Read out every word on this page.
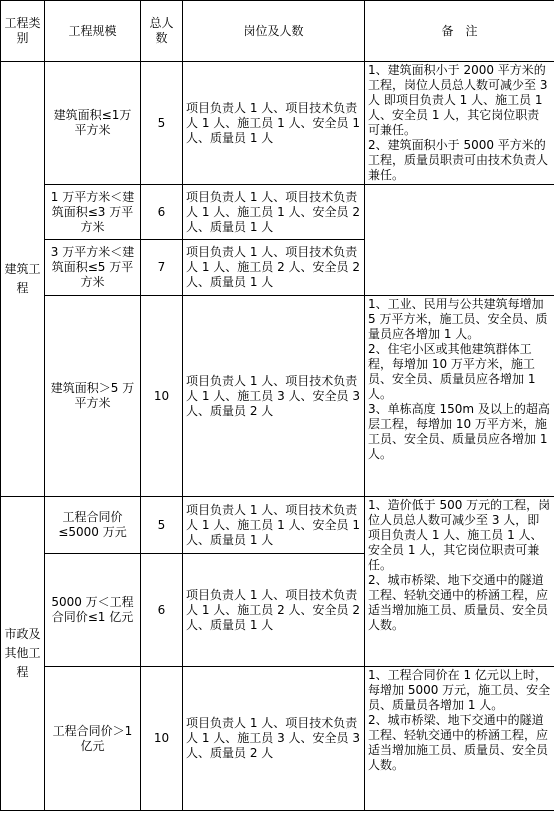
工程类别	工程规模	总人数	岗位及人数	备　注
建筑工程	建筑面积≤1万平方米	5	项目负责人 1 人、项目技术负责人 1 人、施工员 1 人、安全员 1 人、质量员 1 人	1、建筑面积小于 2000 平方米的工程，岗位人员总人数可减少至 3 人 即项目负责人 1 人、施工员 1 人、安全员 1 人，其它岗位职责可兼任。

2、建筑面积小于 5000 平方米的工程，质量员职责可由技术负责人兼任。

	1 万平方米＜建筑面积≤3 万平方米	6	项目负责人 1 人、项目技术负责人 1 人、施工员 1 人、安全员 2 人、质量员 1 人	
	3 万平方米＜建筑面积≤5 万平方米	7	项目负责人 1 人、项目技术负责人 1 人、施工员 2 人、安全员 2 人、质量员 1 人	
	建筑面积＞5 万平方米	10	项目负责人 1 人、项目技术负责人 1 人、施工员 3 人、安全员 3 人、质量员 2 人	1、工业、民用与公共建筑每增加 5 万平方米，施工员、安全员、质量员应各增加 1 人。

2、住宅小区或其他建筑群体工程，每增加 10 万平方米，施工员、安全员、质量员应各增加 1 人。

3、单栋高度 150m 及以上的超高层工程，每增加 10 万平方米，施工员、安全员、质量员应各增加 1 人。

市政及其他工程	工程合同价≤5000 万元	5	项目负责人 1 人、项目技术负责人 1 人、施工员 1 人、安全员 1 人、质量员 1 人	1、造价低于 500 万元的工程，岗位人员总人数可减少至 3 人，即项目负责人 1 人、施工员 1 人、安全员 1 人，其它岗位职责可兼任。

2、城市桥梁、地下交通中的隧道工程、轻轨交通中的桥涵工程，应适当增加施工员、质量员、安全员人数。

	5000 万＜工程合同价≤1 亿元	6	项目负责人 1 人、项目技术负责人 1 人、施工员 2 人、安全员 2 人、质量员 1 人	
	工程合同价＞1 亿元	10	项目负责人 1 人、项目技术负责人 1 人、施工员 3 人、安全员 3 人、质量员 2 人	1、工程合同价在 1 亿元以上时，每增加 5000 万元，施工员、安全员、质量员各增加 1 人。

2、城市桥梁、地下交通中的隧道工程、轻轨交通中的桥涵工程，应适当增加施工员、质量员、安全员人数。
